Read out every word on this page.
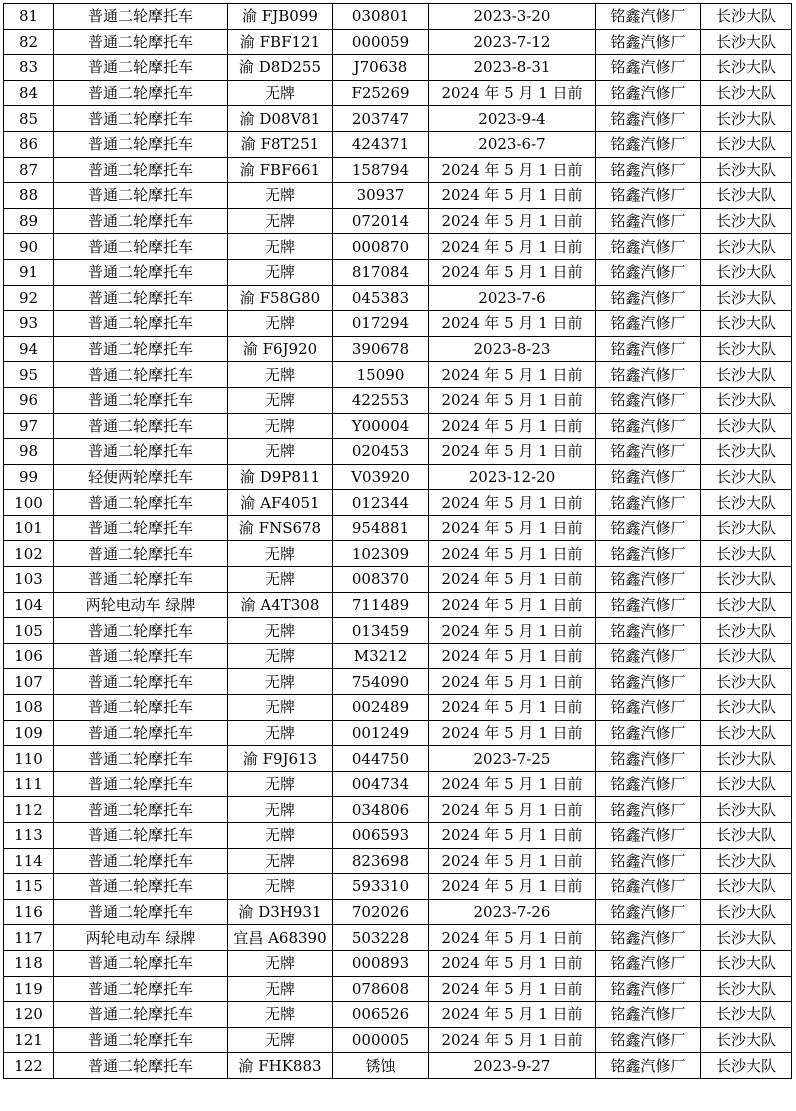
81	普通二轮摩托车	渝 FJB099	030801	2023-3-20	铭鑫汽修厂	长沙大队
82	普通二轮摩托车	渝 FBF121	000059	2023-7-12	铭鑫汽修厂	长沙大队
83	普通二轮摩托车	渝 D8D255	J70638	2023-8-31	铭鑫汽修厂	长沙大队
84	普通二轮摩托车	无牌	F25269	2024 年 5 月 1 日前	铭鑫汽修厂	长沙大队
85	普通二轮摩托车	渝 D08V81	203747	2023-9-4	铭鑫汽修厂	长沙大队
86	普通二轮摩托车	渝 F8T251	424371	2023-6-7	铭鑫汽修厂	长沙大队
87	普通二轮摩托车	渝 FBF661	158794	2024 年 5 月 1 日前	铭鑫汽修厂	长沙大队
88	普通二轮摩托车	无牌	30937	2024 年 5 月 1 日前	铭鑫汽修厂	长沙大队
89	普通二轮摩托车	无牌	072014	2024 年 5 月 1 日前	铭鑫汽修厂	长沙大队
90	普通二轮摩托车	无牌	000870	2024 年 5 月 1 日前	铭鑫汽修厂	长沙大队
91	普通二轮摩托车	无牌	817084	2024 年 5 月 1 日前	铭鑫汽修厂	长沙大队
92	普通二轮摩托车	渝 F58G80	045383	2023-7-6	铭鑫汽修厂	长沙大队
93	普通二轮摩托车	无牌	017294	2024 年 5 月 1 日前	铭鑫汽修厂	长沙大队
94	普通二轮摩托车	渝 F6J920	390678	2023-8-23	铭鑫汽修厂	长沙大队
95	普通二轮摩托车	无牌	15090	2024 年 5 月 1 日前	铭鑫汽修厂	长沙大队
96	普通二轮摩托车	无牌	422553	2024 年 5 月 1 日前	铭鑫汽修厂	长沙大队
97	普通二轮摩托车	无牌	Y00004	2024 年 5 月 1 日前	铭鑫汽修厂	长沙大队
98	普通二轮摩托车	无牌	020453	2024 年 5 月 1 日前	铭鑫汽修厂	长沙大队
99	轻便两轮摩托车	渝 D9P811	V03920	2023-12-20	铭鑫汽修厂	长沙大队
100	普通二轮摩托车	渝 AF4051	012344	2024 年 5 月 1 日前	铭鑫汽修厂	长沙大队
101	普通二轮摩托车	渝 FNS678	954881	2024 年 5 月 1 日前	铭鑫汽修厂	长沙大队
102	普通二轮摩托车	无牌	102309	2024 年 5 月 1 日前	铭鑫汽修厂	长沙大队
103	普通二轮摩托车	无牌	008370	2024 年 5 月 1 日前	铭鑫汽修厂	长沙大队
104	两轮电动车 绿牌	渝 A4T308	711489	2024 年 5 月 1 日前	铭鑫汽修厂	长沙大队
105	普通二轮摩托车	无牌	013459	2024 年 5 月 1 日前	铭鑫汽修厂	长沙大队
106	普通二轮摩托车	无牌	M3212	2024 年 5 月 1 日前	铭鑫汽修厂	长沙大队
107	普通二轮摩托车	无牌	754090	2024 年 5 月 1 日前	铭鑫汽修厂	长沙大队
108	普通二轮摩托车	无牌	002489	2024 年 5 月 1 日前	铭鑫汽修厂	长沙大队
109	普通二轮摩托车	无牌	001249	2024 年 5 月 1 日前	铭鑫汽修厂	长沙大队
110	普通二轮摩托车	渝 F9J613	044750	2023-7-25	铭鑫汽修厂	长沙大队
111	普通二轮摩托车	无牌	004734	2024 年 5 月 1 日前	铭鑫汽修厂	长沙大队
112	普通二轮摩托车	无牌	034806	2024 年 5 月 1 日前	铭鑫汽修厂	长沙大队
113	普通二轮摩托车	无牌	006593	2024 年 5 月 1 日前	铭鑫汽修厂	长沙大队
114	普通二轮摩托车	无牌	823698	2024 年 5 月 1 日前	铭鑫汽修厂	长沙大队
115	普通二轮摩托车	无牌	593310	2024 年 5 月 1 日前	铭鑫汽修厂	长沙大队
116	普通二轮摩托车	渝 D3H931	702026	2023-7-26	铭鑫汽修厂	长沙大队
117	两轮电动车 绿牌	宜昌 A68390	503228	2024 年 5 月 1 日前	铭鑫汽修厂	长沙大队
118	普通二轮摩托车	无牌	000893	2024 年 5 月 1 日前	铭鑫汽修厂	长沙大队
119	普通二轮摩托车	无牌	078608	2024 年 5 月 1 日前	铭鑫汽修厂	长沙大队
120	普通二轮摩托车	无牌	006526	2024 年 5 月 1 日前	铭鑫汽修厂	长沙大队
121	普通二轮摩托车	无牌	000005	2024 年 5 月 1 日前	铭鑫汽修厂	长沙大队
122	普通二轮摩托车	渝 FHK883	锈蚀	2023-9-27	铭鑫汽修厂	长沙大队
